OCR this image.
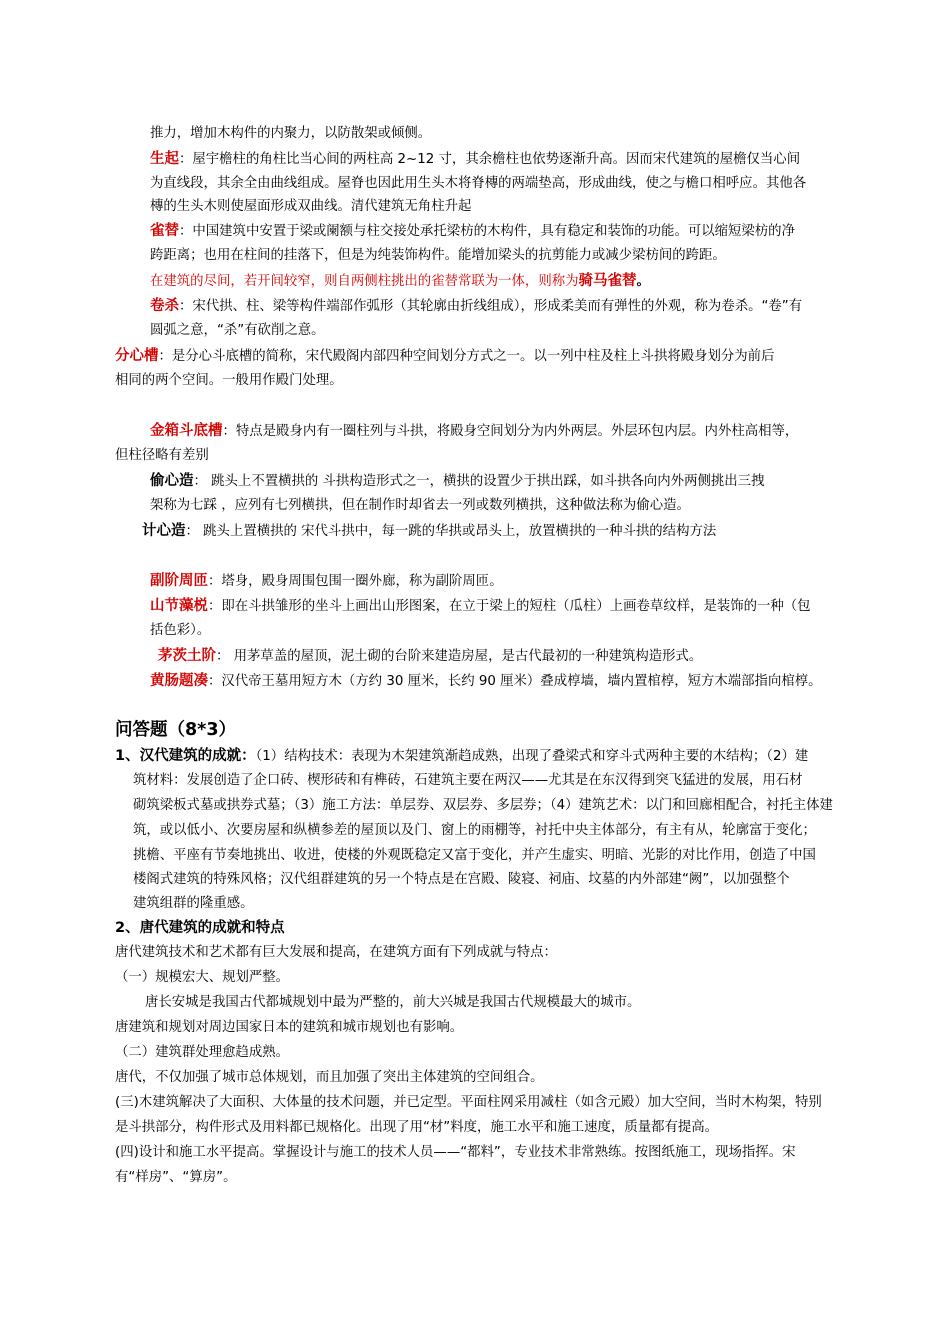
推力，增加木构件的内聚力，以防散架或倾侧。
生起：屋宇檐柱的角柱比当心间的两柱高 2~12 寸，其余檐柱也依势逐渐升高。因而宋代建筑的屋檐仅当心间
为直线段，其余全由曲线组成。屋脊也因此用生头木将脊槫的两端垫高，形成曲线，使之与檐口相呼应。其他各
槫的生头木则使屋面形成双曲线。清代建筑无角柱升起
雀替：中国建筑中安置于梁或阑额与柱交接处承托梁枋的木构件，具有稳定和装饰的功能。可以缩短梁枋的净
跨距离；也用在柱间的挂落下，但是为纯装饰构件。能增加梁头的抗剪能力或减少梁枋间的跨距。
在建筑的尽间，若开间较窄，则自两侧柱挑出的雀替常联为一体，则称为骑马雀替。
卷杀：宋代拱、柱、梁等构件端部作弧形（其轮廓由折线组成），形成柔美而有弹性的外观，称为卷杀。“卷”有
圆弧之意，“杀”有砍削之意。
分心槽：是分心斗底槽的简称，宋代殿阁内部四种空间划分方式之一。以一列中柱及柱上斗拱将殿身划分为前后
相同的两个空间。一般用作殿门处理。
金箱斗底槽：特点是殿身内有一圈柱列与斗拱，将殿身空间划分为内外两层。外层环包内层。内外柱高相等，
但柱径略有差别
偷心造： 跳头上不置横拱的 斗拱构造形式之一，横拱的设置少于拱出踩，如斗拱各向内外两侧挑出三拽
架称为七踩 ，应列有七列横拱，但在制作时却省去一列或数列横拱，这种做法称为偷心造。
计心造： 跳头上置横拱的 宋代斗拱中，每一跳的华拱或昂头上，放置横拱的一种斗拱的结构方法
副阶周匝：塔身，殿身周围包围一圈外廊，称为副阶周匝。
山节藻棁：即在斗拱雏形的坐斗上画出山形图案，在立于梁上的短柱（瓜柱）上画卷草纹样，是装饰的一种（包
括色彩）。
茅茨土阶： 用茅草盖的屋顶，泥土砌的台阶来建造房屋，是古代最初的一种建筑构造形式。
黄肠题凑：汉代帝王墓用短方木（方约 30 厘米，长约 90 厘米）叠成椁墙，墙内置棺椁，短方木端部指向棺椁。
问答题（8*3）
1、汉代建筑的成就：（1）结构技术：表现为木架建筑渐趋成熟，出现了叠梁式和穿斗式两种主要的木结构；（2）建
筑材料：发展创造了企口砖、楔形砖和有榫砖，石建筑主要在两汉——尤其是在东汉得到突飞猛进的发展，用石材
砌筑梁板式墓或拱券式墓；（3）施工方法：单层券、双层券、多层券；（4）建筑艺术：以门和回廊相配合，衬托主体建
筑，或以低小、次要房屋和纵横参差的屋顶以及门、窗上的雨棚等，衬托中央主体部分，有主有从，轮廓富于变化；
挑檐、平座有节奏地挑出、收进，使楼的外观既稳定又富于变化，并产生虚实、明暗、光影的对比作用，创造了中国
楼阁式建筑的特殊风格；汉代组群建筑的另一个特点是在宫殿、陵寝、祠庙、坟墓的内外部建“阙”，以加强整个
建筑组群的隆重感。
2、唐代建筑的成就和特点
唐代建筑技术和艺术都有巨大发展和提高，在建筑方面有下列成就与特点：
（一）规模宏大、规划严整。
唐长安城是我国古代都城规划中最为严整的，前大兴城是我国古代规模最大的城市。
唐建筑和规划对周边国家日本的建筑和城市规划也有影响。
（二）建筑群处理愈趋成熟。
唐代，不仅加强了城市总体规划，而且加强了突出主体建筑的空间组合。
(三)木建筑解决了大面积、大体量的技术问题，并已定型。平面柱网采用减柱（如含元殿）加大空间，当时木构架，特别
是斗拱部分，构件形式及用料都已规格化。出现了用“材”料度，施工水平和施工速度，质量都有提高。
(四)设计和施工水平提高。掌握设计与施工的技术人员——“都料”，专业技术非常熟练。按图纸施工，现场指挥。宋
有“样房”、“算房”。
